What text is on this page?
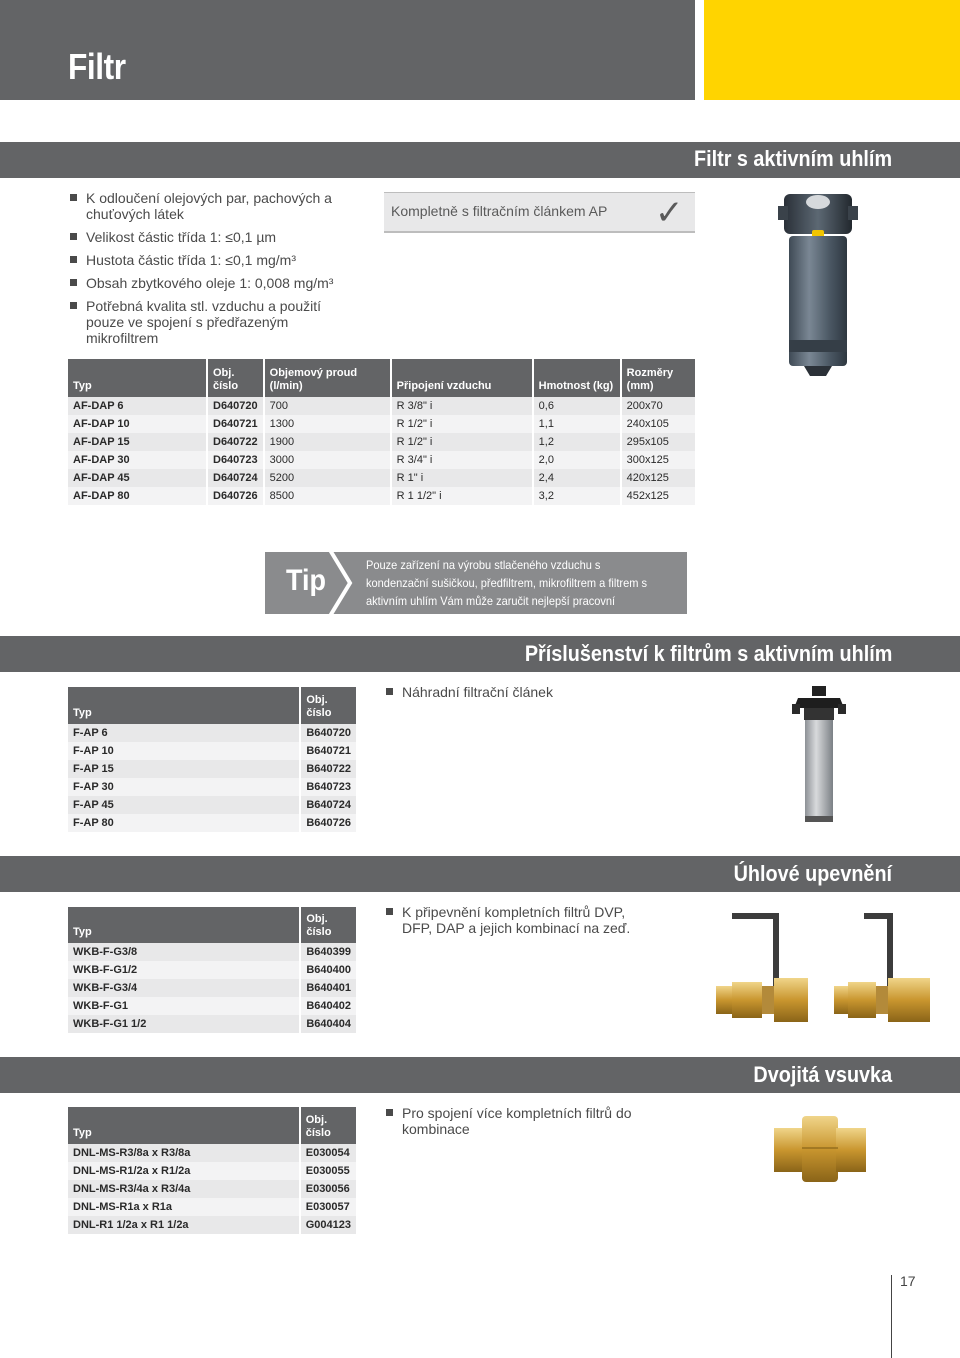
Filtr
Filtr s aktivním uhlím
K odloučení olejových par, pachových a chuťových látek
Velikost částic třída 1: ≤0,1 µm
Hustota částic třída 1: ≤0,1 mg/m³
Obsah zbytkového oleje 1: 0,008 mg/m³
Potřebná kvalita stl. vzduchu a použití pouze ve spojení s předřazeným mikrofiltrem
Kompletně s filtračním článkem AP ✓
Typ	Obj. číslo	Objemový proud (l/min)	Připojení vzduchu	Hmotnost (kg)	Rozměry (mm)
AF-DAP 6	D640720	700	R 3/8" i	0,6	200x70
AF-DAP 10	D640721	1300	R 1/2" i	1,1	240x105
AF-DAP 15	D640722	1900	R 1/2" i	1,2	295x105
AF-DAP 30	D640723	3000	R 3/4" i	2,0	300x125
AF-DAP 45	D640724	5200	R 1" i	2,4	420x125
AF-DAP 80	D640726	8500	R 1 1/2" i	3,2	452x125
Tip	Pouze zařízení na výrobu stlačeného vzduchu s kondenzační sušičkou, předfiltrem, mikrofiltrem a filtrem s aktivním uhlím Vám může zaručit nejlepší pracovní výsledky a bezpečnost provozu.
Příslušenství k filtrům s aktivním uhlím
Typ	Obj. číslo
F-AP 6	B640720
F-AP 10	B640721
F-AP 15	B640722
F-AP 30	B640723
F-AP 45	B640724
F-AP 80	B640726
Náhradní filtrační článek
Úhlové upevnění
Typ	Obj. číslo
WKB-F-G3/8	B640399
WKB-F-G1/2	B640400
WKB-F-G3/4	B640401
WKB-F-G1	B640402
WKB-F-G1 1/2	B640404
K připevnění kompletních filtrů DVP, DFP, DAP a jejich kombinací na zeď.
Dvojitá vsuvka
Typ	Obj. číslo
DNL-MS-R3/8a x R3/8a	E030054
DNL-MS-R1/2a x R1/2a	E030055
DNL-MS-R3/4a x R3/4a	E030056
DNL-MS-R1a x R1a	E030057
DNL-R1 1/2a x R1 1/2a	G004123
Pro spojení více kompletních filtrů do kombinace
17
